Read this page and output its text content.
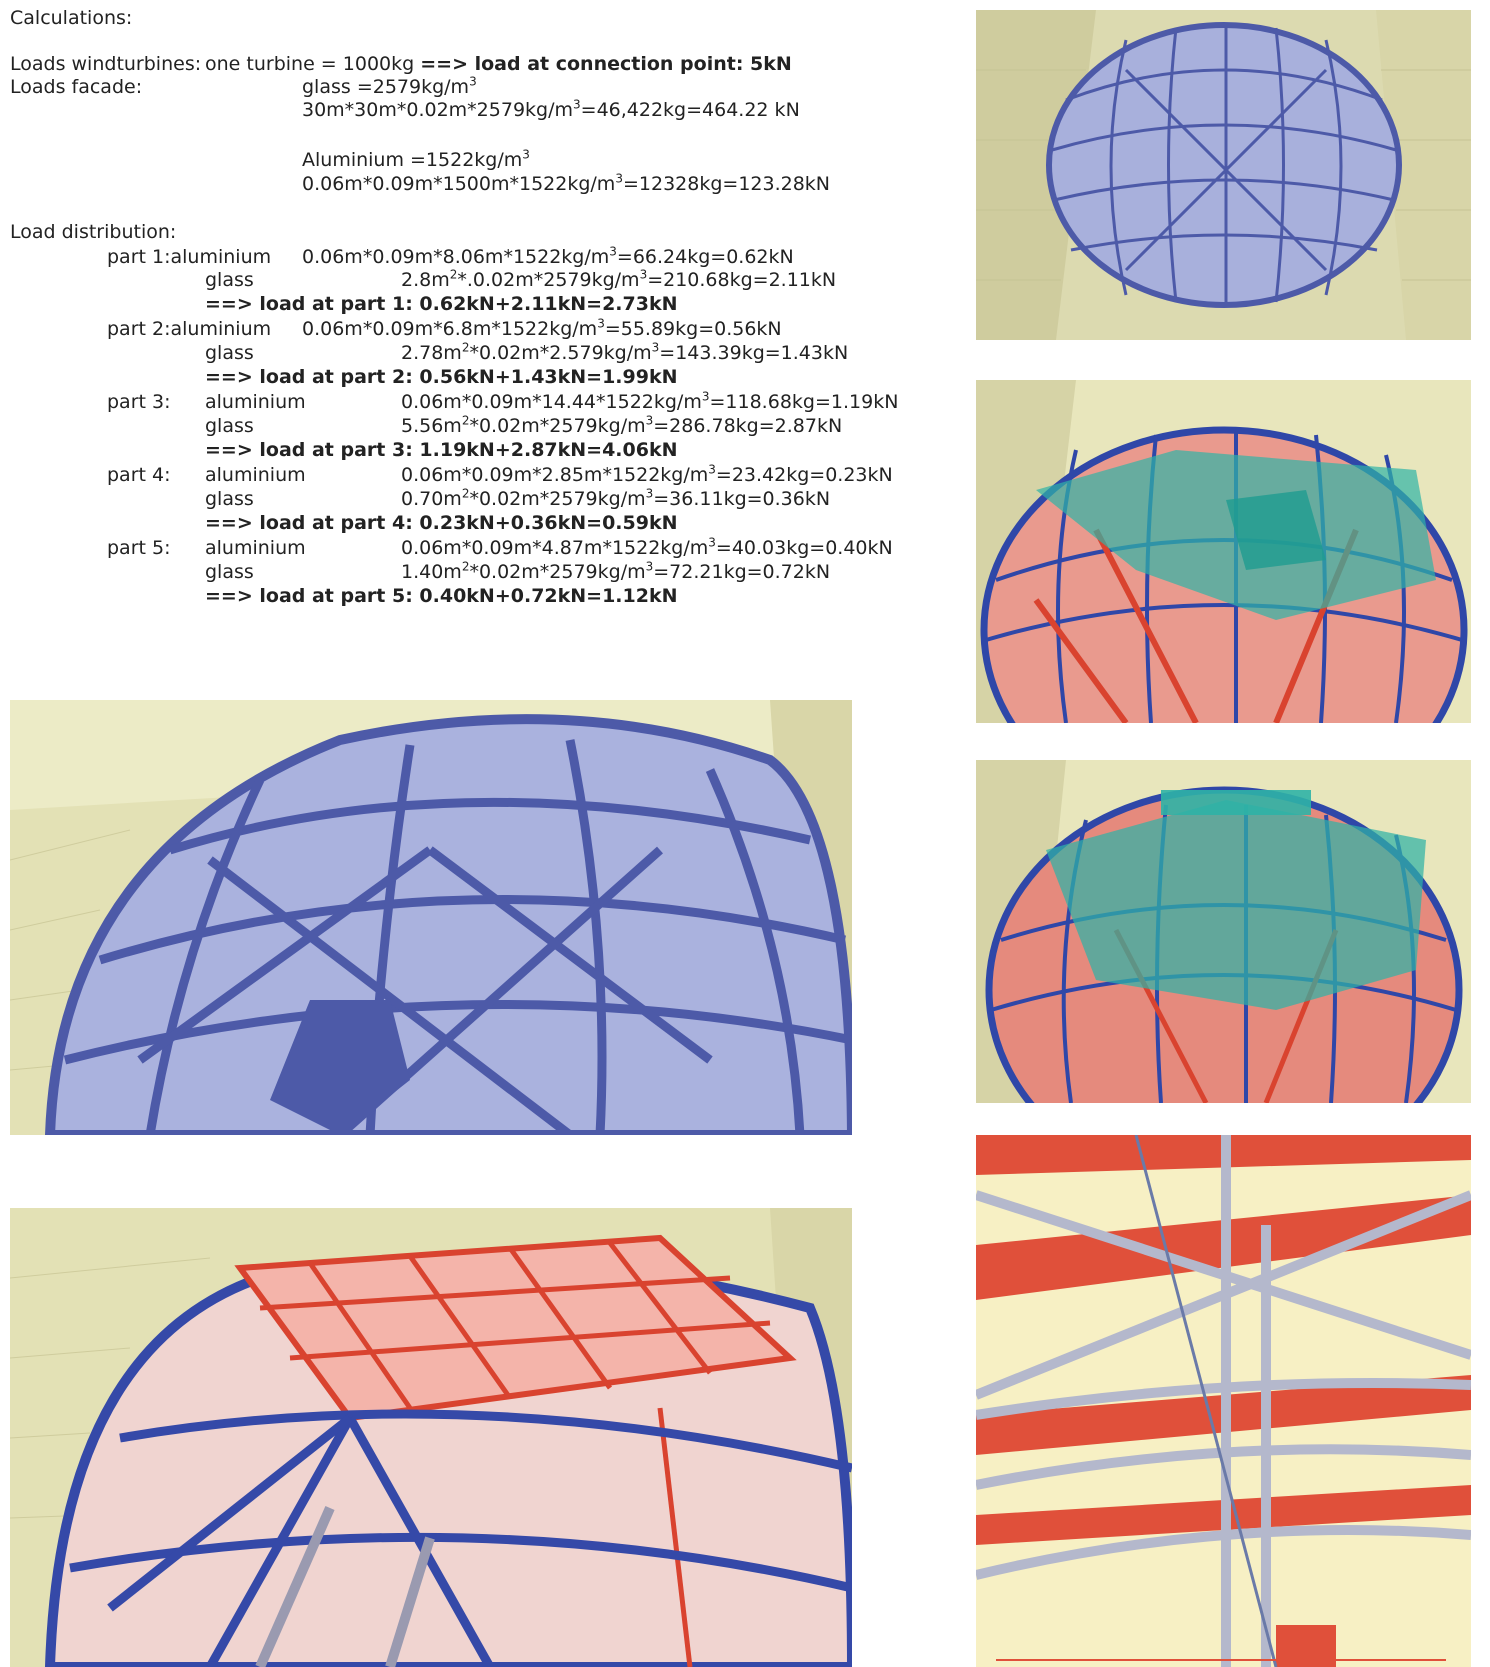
Calculations:
Loads windturbines: one turbine = 1000kg ==> load at connection point: 5kN
Loads facade:	glass $=2579kg/m^3$
$30m*30m*0.02m*2579kg/m^3=46,422kg=464.22$ kN
Aluminium $=1522kg/m^3$
$0.06m*0.09m*1500m*1522kg/m^3=12328kg=123.28kN$
Load distribution:
part 1:aluminium $0.06m*0.09m*8.06m*1522kg/m^3=66.24kg=0.62kN$
glass	$2.8m^2*.0.02m*2579kg/m^3=210.68kg=2.11kN$
==> load at part 1: 0.62kN+2.11kN=2.73kN
part 2:aluminium $0.06m*0.09m*6.8m*1522kg/m^3=55.89kg=0.56kN$
glass	$2.78m^2*0.02m*2.579kg/m^3=143.39kg=1.43kN$
==> load at part 2: 0.56kN+1.43kN=1.99kN
part 3: aluminium	$0.06m*0.09m*14.44*1522kg/m^3=118.68kg=1.19kN$
glass	$5.56m^2*0.02m*2579kg/m^3=286.78kg=2.87kN$
==> load at part 3: 1.19kN+2.87kN=4.06kN
part 4: aluminium	$0.06m*0.09m*2.85m*1522kg/m^3=23.42kg=0.23kN$
glass	$0.70m^2*0.02m*2579kg/m^3=36.11kg=0.36kN$
==> load at part 4: 0.23kN+0.36kN=0.59kN
part 5: aluminium	$0.06m*0.09m*4.87m*1522kg/m^3=40.03kg=0.40kN$
glass	$1.40m^2*0.02m*2579kg/m^3=72.21kg=0.72kN$
==> load at part 5: 0.40kN+0.72kN=1.12kN
